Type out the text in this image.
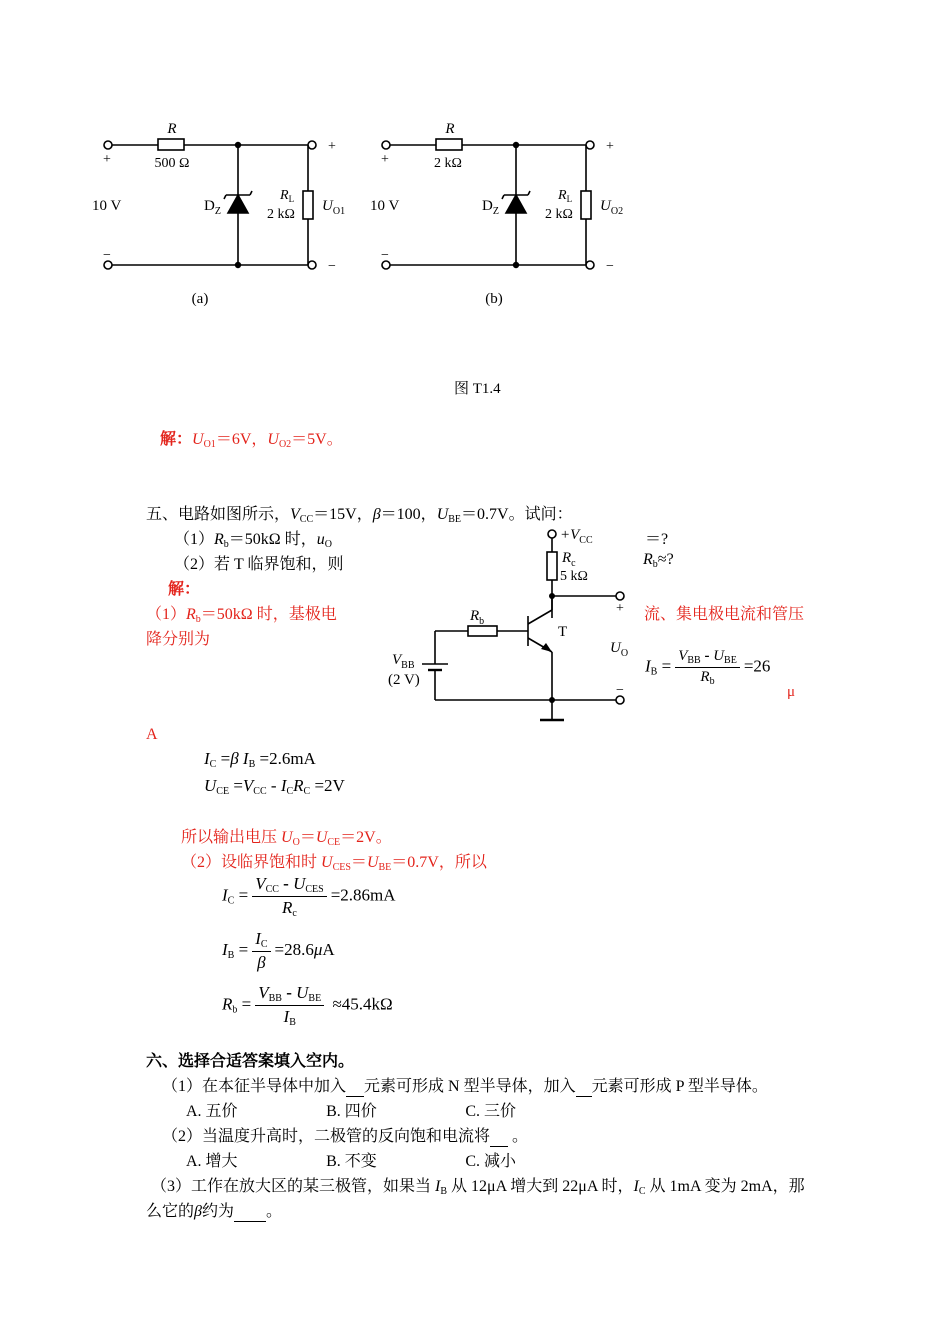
R
500 Ω
+
−
10 V	$D_Z$
$R_L$
2 kΩ
$U_{O1}$
+
−
(a)
R
2 kΩ
+
−
10 V	$D_Z$
$R_L$
2 kΩ
$U_{O2}$
+
−
(b)
图 T1.4
解：$U_{O1}=6V$，$U_{O2}=5V$。
五、电路如图所示，$V_{CC}=15V$，β＝100，$U_{BE}=0.7V$。试问：
$(1)R_b=50k\Omega$ 时，$u_O$	＝?
（2）若 T 临界饱和，则	$R_b\approx$?
解：
$(1)R_b=50k\Omega$ 时，基极电	流、集电极电流和管压
降分别为
$+V_{CC}$
$R_c$
5 kΩ
$R_b$
T
$V_{BB}$
(2 V)
$U_O$
+
−
$I_B = \frac{V_{BB} - U_{BE}}{R_b} =26$
μ
A
$I_C =\beta$ $I_B =2.6mA$
$U_{CE} =V_{CC} - I_CR_C =2V$
所以输出电压 $U_O=U_{CE}=2V$。
（2）设临界饱和时 $U_{CES}=U_{BE}=0.7V$，所以
$I_C = \frac{V_{CC} - U_{CES}}{R_c} =2.86mA$
$I_B = \frac{I_C}{\beta} =28.6\mu A$
$R_b = \frac{V_{BB} - U_{BE}}{I_B} \approx 45.4k\Omega$
六、选择合适答案填入空内。
（1）在本征半导体中加入 元素可形成 N 型半导体，加入 元素可形成 P 型半导体。
A. 五价	B. 四价	C. 三价
（2）当温度升高时，二极管的反向饱和电流将  。
A. 增大	B. 不变	C. 减小
（3）工作在放大区的某三极管，如果当 $I_B$ 从 12μA 增大到 22μA 时，$I_C$ 从 1mA 变为 2mA，那
么它的β约为 。
